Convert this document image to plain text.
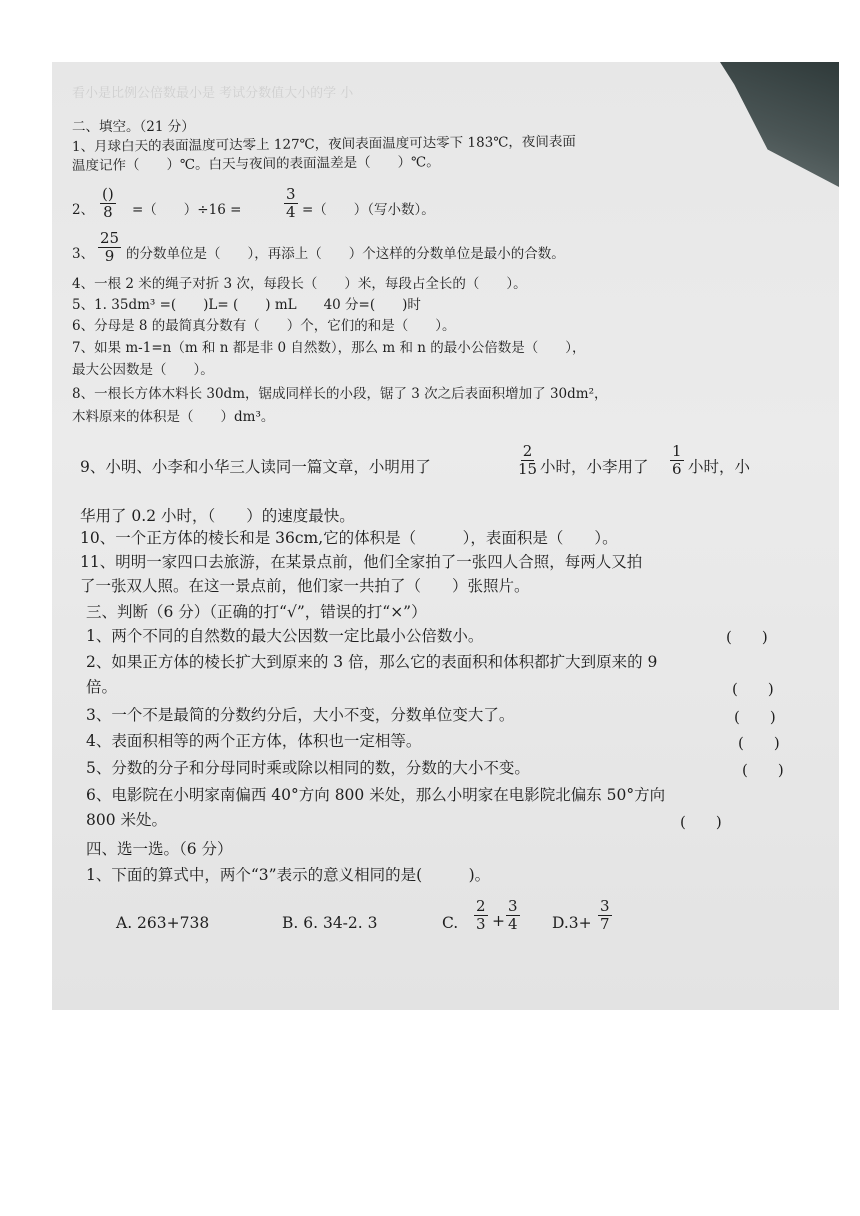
看小是比例公倍数最小是 考试分数值大小的学 小
二、填空。（21 分）
1、月球白天的表面温度可达零上 127℃，夜间表面温度可达零下 183℃，夜间表面
温度记作（　　）℃。白天与夜间的表面温差是（　　）℃。
2、
()
8 =（　　）÷16 =	$\frac{3}{4}$ =（　　）（写小数）。
3、 $\frac{25}{9}$ 的分数单位是（　　），再添上（　　）个这样的分数单位是最小的合数。
4、一根 2 米的绳子对折 3 次，每段长（　　）米，每段占全长的（　　）。
5、1. 35dm³ =(　　)L= (　　) mL　　40 分=(　　)时
6、分母是 8 的最简真分数有（　　）个，它们的和是（　　）。
7、如果 m-1=n（m 和 n 都是非 0 自然数），那么 m 和 n 的最小公倍数是（　　），
最大公因数是（　　）。
8、一根长方体木料长 30dm，锯成同样长的小段，锯了 3 次之后表面积增加了 30dm²，
木料原来的体积是（　　）dm³。
9、小明、小李和小华三人读同一篇文章，小明用了	$\frac{2}{15}$ 小时，小李用了 $\frac{1}{6}$ 小时，小
华用了 0.2 小时，（　　）的速度最快。
10、一个正方体的棱长和是 36cm,它的体积是（　　　），表面积是（　　）。
11、明明一家四口去旅游，在某景点前，他们全家拍了一张四人合照，每两人又拍
了一张双人照。在这一景点前，他们家一共拍了（　　）张照片。
三、判断（6 分）（正确的打“√”，错误的打“×”）
1、两个不同的自然数的最大公因数一定比最小公倍数小。	(　　)
2、如果正方体的棱长扩大到原来的 3 倍，那么它的表面积和体积都扩大到原来的 9
倍。	(　　)
3、一个不是最简的分数约分后，大小不变，分数单位变大了。	(　　)
4、表面积相等的两个正方体，体积也一定相等。	(　　)
5、分数的分子和分母同时乘或除以相同的数，分数的大小不变。	(　　)
6、电影院在小明家南偏西 40°方向 800 米处，那么小明家在电影院北偏东 50°方向
800 米处。	(　　)
四、选一选。（6 分）
1、下面的算式中，两个“3”表示的意义相同的是(　　　)。
A. 263+738	B. 6. 34-2. 3	C. $\frac{2}{3} + \frac{3}{4} D.3+ \frac{3}{7}$
